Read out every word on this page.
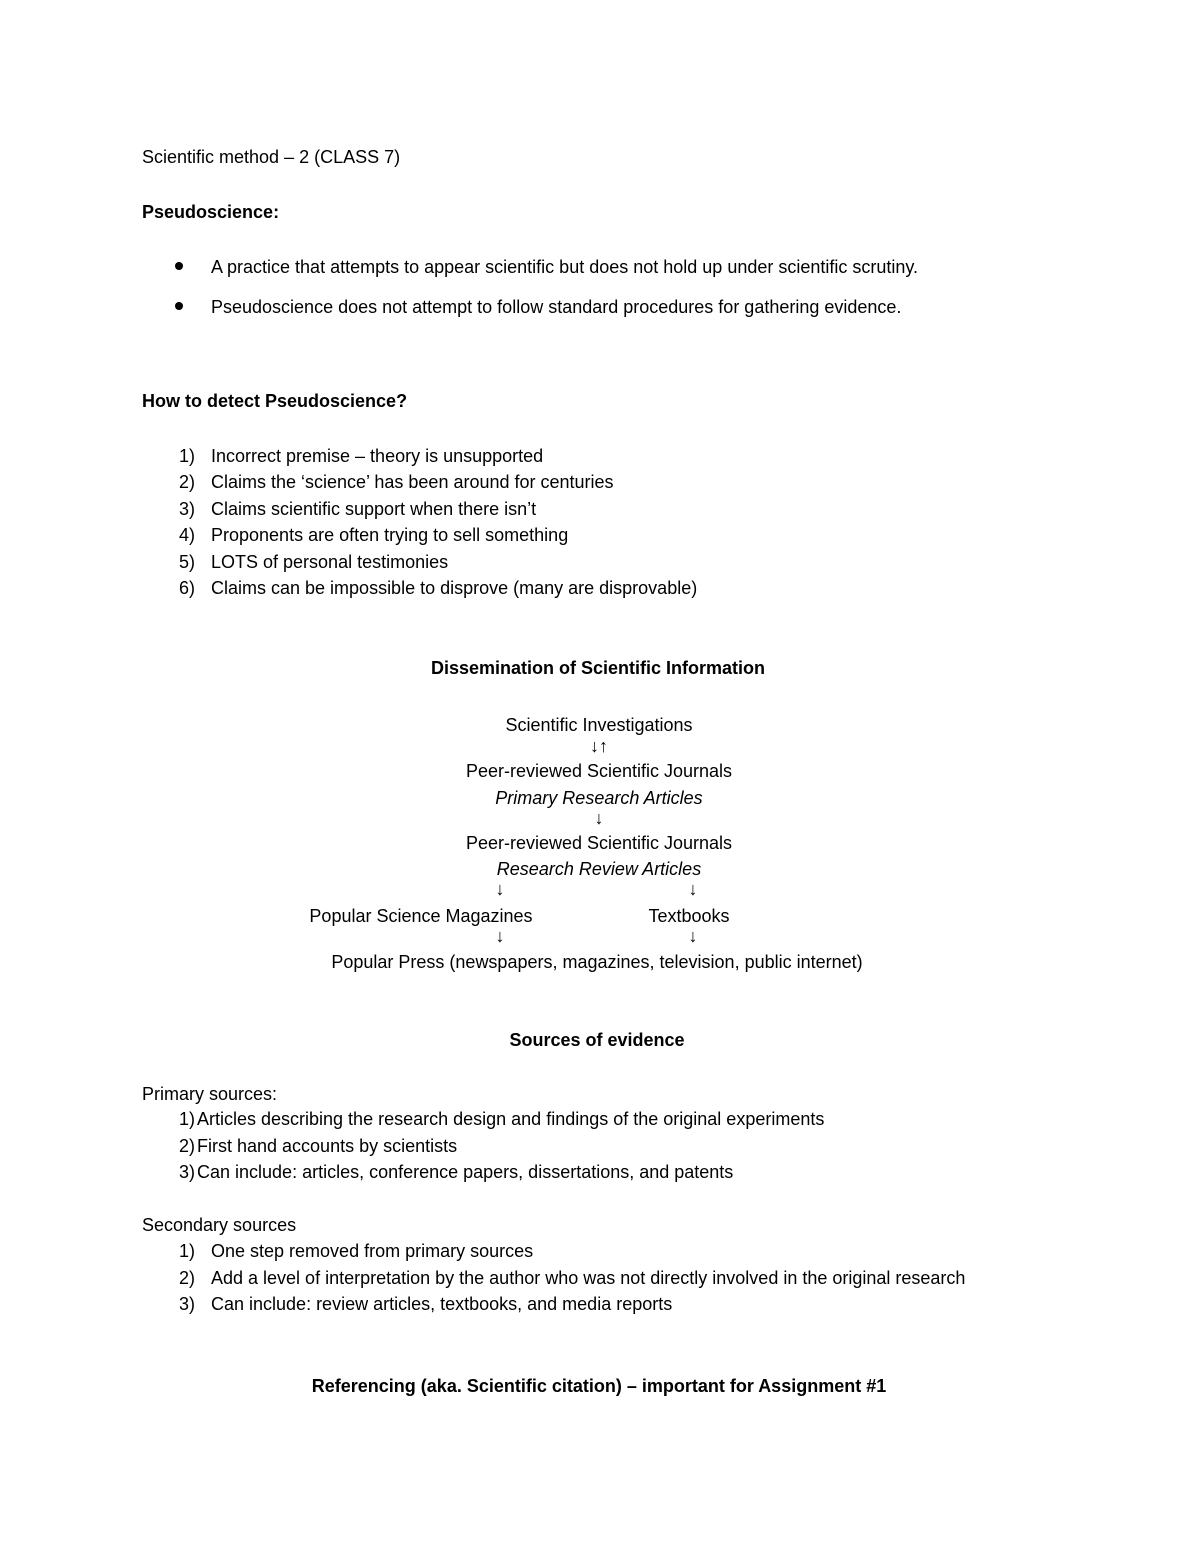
Scientific method – 2 (CLASS 7)
Pseudoscience:
A practice that attempts to appear scientific but does not hold up under scientific scrutiny.
Pseudoscience does not attempt to follow standard procedures for gathering evidence.
How to detect Pseudoscience?
1) Incorrect premise – theory is unsupported
2) Claims the ‘science’ has been around for centuries
3) Claims scientific support when there isn’t
4) Proponents are often trying to sell something
5) LOTS of personal testimonies
6) Claims can be impossible to disprove (many are disprovable)
Dissemination of Scientific Information
Scientific Investigations
↓↑
Peer-reviewed Scientific Journals
Primary Research Articles
↓
Peer-reviewed Scientific Journals
Research Review Articles
↓	↓
Popular Science Magazines	Textbooks
↓	↓
Popular Press (newspapers, magazines, television, public internet)
Sources of evidence
Primary sources:
1) Articles describing the research design and findings of the original experiments
2) First hand accounts by scientists
3) Can include: articles, conference papers, dissertations, and patents
Secondary sources
1) One step removed from primary sources
2) Add a level of interpretation by the author who was not directly involved in the original research
3) Can include: review articles, textbooks, and media reports
Referencing (aka. Scientific citation) – important for Assignment #1
